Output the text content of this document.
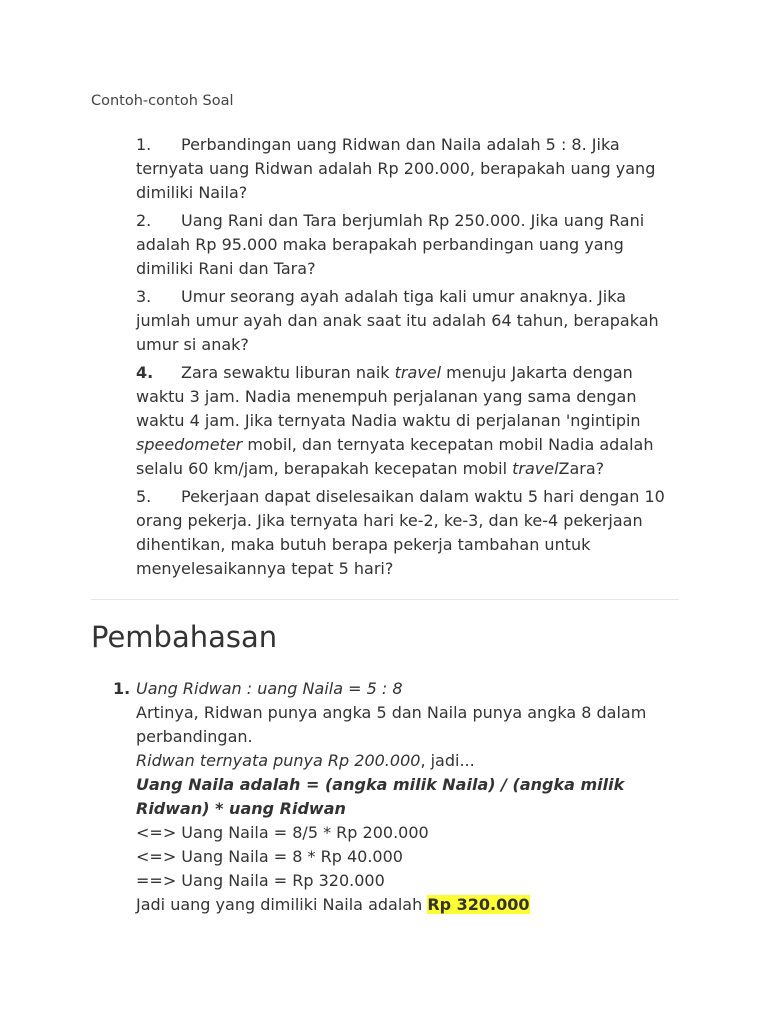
Contoh-contoh Soal
1. Perbandingan uang Ridwan dan Naila adalah 5 : 8. Jika ternyata uang Ridwan adalah Rp 200.000, berapakah uang yang dimiliki Naila?
2. Uang Rani dan Tara berjumlah Rp 250.000. Jika uang Rani adalah Rp 95.000 maka berapakah perbandingan uang yang dimiliki Rani dan Tara?
3. Umur seorang ayah adalah tiga kali umur anaknya. Jika jumlah umur ayah dan anak saat itu adalah 64 tahun, berapakah umur si anak?
4. Zara sewaktu liburan naik travel menuju Jakarta dengan waktu 3 jam. Nadia menempuh perjalanan yang sama dengan waktu 4 jam. Jika ternyata Nadia waktu di perjalanan 'ngintipin speedometer mobil, dan ternyata kecepatan mobil Nadia adalah selalu 60 km/jam, berapakah kecepatan mobil travelZara?
5. Pekerjaan dapat diselesaikan dalam waktu 5 hari dengan 10 orang pekerja. Jika ternyata hari ke-2, ke-3, dan ke-4 pekerjaan dihentikan, maka butuh berapa pekerja tambahan untuk menyelesaikannya tepat 5 hari?
Pembahasan
1. Uang Ridwan : uang Naila = 5 : 8
Artinya, Ridwan punya angka 5 dan Naila punya angka 8 dalam perbandingan.
Ridwan ternyata punya Rp 200.000, jadi...
Uang Naila adalah = (angka milik Naila) / (angka milik Ridwan) * uang Ridwan
<=> Uang Naila = 8/5 * Rp 200.000
<=> Uang Naila = 8 * Rp 40.000
==> Uang Naila = Rp 320.000
Jadi uang yang dimiliki Naila adalah Rp 320.000
